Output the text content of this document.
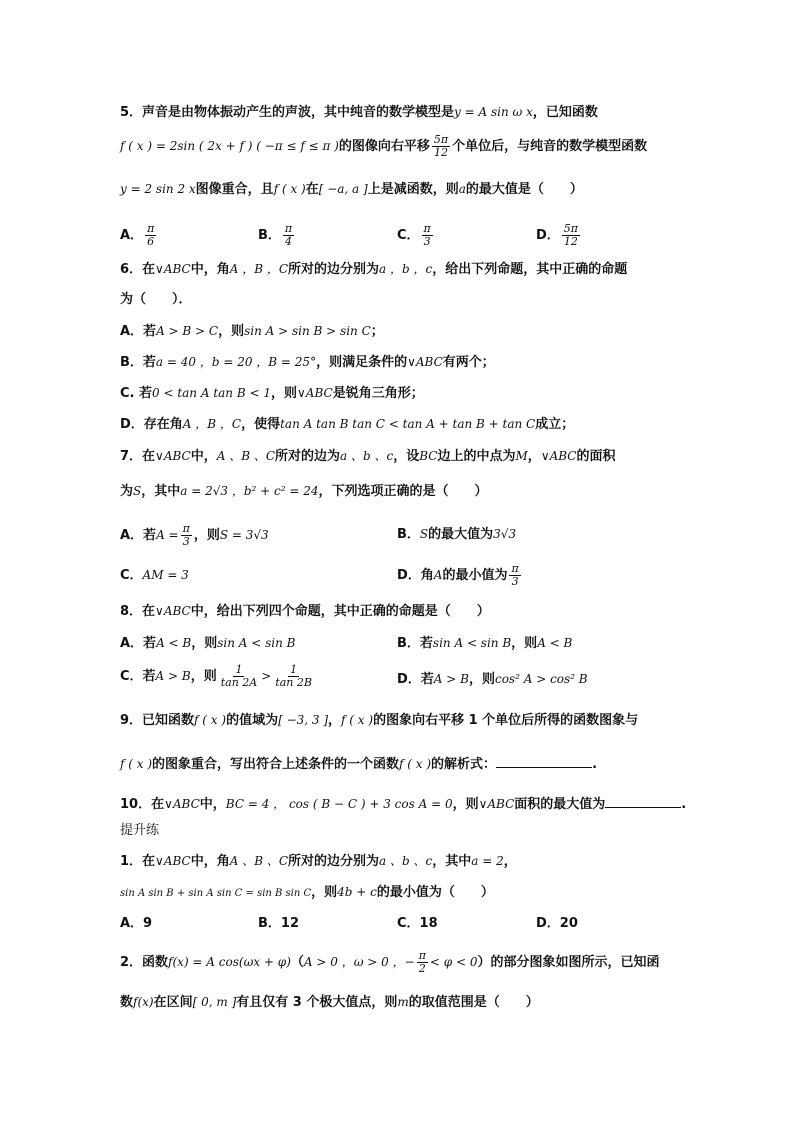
5．声音是由物体振动产生的声波，其中纯音的数学模型是y = A sin ω x，已知函数
f ( x ) = 2sin ( 2x + f ) ( −π ≤ f ≤ π )的图像向右平移 $\frac{5\pi}{12}$ 个单位后，与纯音的数学模型函数
y = 2 sin 2 x图像重合，且f ( x )在[ −a, a ]上是减函数，则a的最大值是（　　）
A． $\frac{\pi}{6}$	B． $\frac{\pi}{4}$	C． $\frac{\pi}{3}$	D． $\frac{5\pi}{12}$
6．在∨ABC中，角A ，B ，C所对的边分别为a ，b ，c，给出下列命题，其中正确的命题
为（　　）．
A．若A > B > C，则sin A > sin B > sin C；
B．若a = 40 ，b = 20 ，B = 25°，则满足条件的∨ABC有两个；
C. 若0 < tan A tan B < 1，则∨ABC是锐角三角形；
D．存在角A ，B ，C，使得tan A tan B tan C < tan A + tan B + tan C成立；
7．在∨ABC中，A 、B 、C所对的边为a 、b 、c，设BC边上的中点为M，∨ABC的面积
为S，其中a = 2√3 ，b² + c² = 24，下列选项正确的是（　　）
A．若$A = \frac{\pi}{3}$ ，则S = 3√3	B．S的最大值为3√3
C．AM = 3	D．角A的最小值为 $\frac{\pi}{3}$
8．在∨ABC中，给出下列四个命题，其中正确的命题是（　　）
A．若A < B，则sin A < sin B	B．若sin A < sin B，则A < B
C．若A > B，则 $\frac{1}{\tan 2A} > \frac{1}{\tan 2B}$	D．若A > B，则cos² A > cos² B
9．已知函数f ( x )的值域为[ −3, 3 ]，f ( x )的图象向右平移 1 个单位后所得的函数图象与
f ( x )的图象重合，写出符合上述条件的一个函数f ( x )的解析式：	.
10．在∨ABC中，BC = 4 ， cos ( B − C ) + 3 cos A = 0，则∨ABC面积的最大值为	.
提升练
1．在∨ABC中，角A 、B 、C所对的边分别为a 、b 、c，其中a = 2，
sin A sin B + sin A sin C = sin B sin C，则4b + c的最小值为（　　）
A．9	B．12	C．18	D．20
2．函数f(x) = A cos(ωx + φ)（A > 0 ，ω > 0 ，− $\frac{\pi}{2} < \varphi < 0$）的部分图象如图所示，已知函
数f(x)在区间[ 0, m ]有且仅有 3 个极大值点，则m的取值范围是（　　）
